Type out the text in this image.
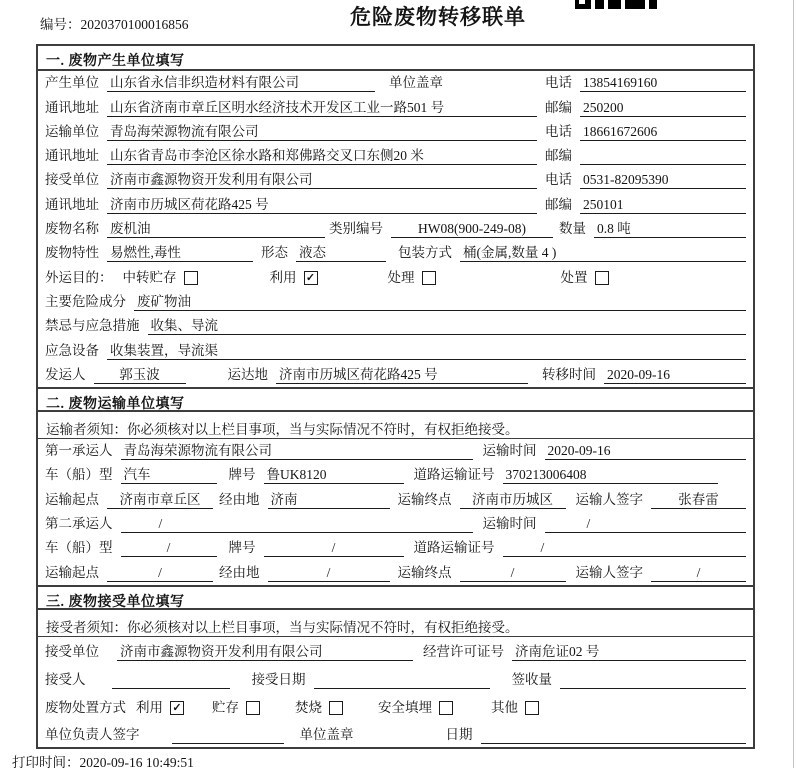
编号：2020370100016856	危险废物转移联单
一. 废物产生单位填写
产生单位 山东省永信非织造材料有限公司	单位盖章	电话 13854169160
通讯地址 山东省济南市章丘区明水经济技术开发区工业一路501 号	邮编 250200
运输单位 青岛海荣源物流有限公司	电话 18661672606
通讯地址 山东省青岛市李沧区徐水路和郑佛路交叉口东侧20 米	邮编
接受单位 济南市鑫源物资开发利用有限公司	电话 0531-82095390
通讯地址 济南市历城区荷花路425 号	邮编 250101
废物名称 废机油	类别编号	HW08(900-249-08)	数量 0.8 吨
废物特性 易燃性,毒性	形态 液态	包装方式 桶(金属,数量 4 )
外运目的： 中转贮存	利用 ✓	处理	处置
主要危险成分 废矿物油
禁忌与应急措施 收集、导流
应急设备 收集装置，导流渠
发运人	郭玉波	运达地 济南市历城区荷花路425 号	转移时间 2020-09-16
二. 废物运输单位填写
运输者须知：你必须核对以上栏目事项，当与实际情况不符时，有权拒绝接受。
第一承运人 青岛海荣源物流有限公司	运输时间 2020-09-16
车（船）型 汽车	牌号 鲁UK8120	道路运输证号 370213006408
运输起点	济南市章丘区	经由地 济南	运输终点	济南市历城区	运输人签字	张春雷
第二承运人	/	运输时间	/
车（船）型	/	牌号	/	道路运输证号	/
运输起点	/	经由地	/	运输终点	/	运输人签字	/
三. 废物接受单位填写
接受者须知：你必须核对以上栏目事项，当与实际情况不符时，有权拒绝接受。
接受单位 济南市鑫源物资开发利用有限公司	经营许可证号 济南危证02 号
接受人	接受日期	签收量
废物处置方式 利用 ✓ 贮存	焚烧	安全填埋	其他
单位负责人签字	单位盖章	日期
打印时间：2020-09-16 10:49:51
